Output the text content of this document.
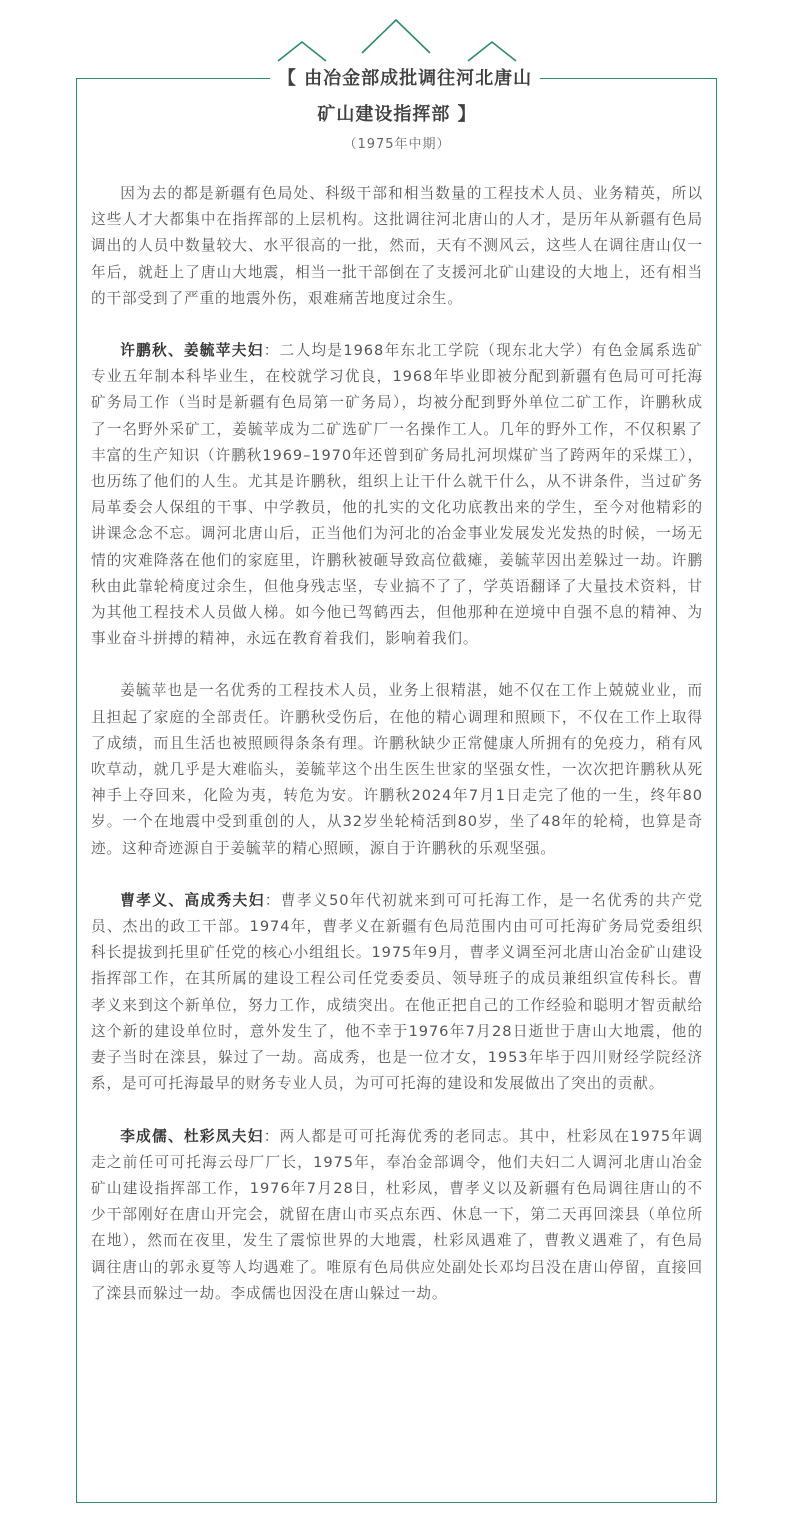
【 由冶金部成批调往河北唐山
矿山建设指挥部 】
（1975年中期）

因为去的都是新疆有色局处、科级干部和相当数量的工程技术人员、业务精英，所以这些人才大都集中在指挥部的上层机构。这批调往河北唐山的人才，是历年从新疆有色局调出的人员中数量较大、水平很高的一批，然而，天有不测风云，这些人在调往唐山仅一年后，就赶上了唐山大地震，相当一批干部倒在了支援河北矿山建设的大地上，还有相当的干部受到了严重的地震外伤，艰难痛苦地度过余生。

许鹏秋、姜毓苹夫妇：二人均是1968年东北工学院（现东北大学）有色金属系选矿专业五年制本科毕业生，在校就学习优良，1968年毕业即被分配到新疆有色局可可托海矿务局工作（当时是新疆有色局第一矿务局），均被分配到野外单位二矿工作，许鹏秋成了一名野外采矿工，姜毓苹成为二矿选矿厂一名操作工人。几年的野外工作，不仅积累了丰富的生产知识（许鹏秋1969–1970年还曾到矿务局扎河坝煤矿当了跨两年的采煤工），也历练了他们的人生。尤其是许鹏秋，组织上让干什么就干什么，从不讲条件，当过矿务局革委会人保组的干事、中学教员，他的扎实的文化功底教出来的学生，至今对他精彩的讲课念念不忘。调河北唐山后，正当他们为河北的冶金事业发展发光发热的时候，一场无情的灾难降落在他们的家庭里，许鹏秋被砸导致高位截瘫，姜毓苹因出差躲过一劫。许鹏秋由此靠轮椅度过余生，但他身残志坚，专业搞不了了，学英语翻译了大量技术资料，甘为其他工程技术人员做人梯。如今他已驾鹤西去，但他那种在逆境中自强不息的精神、为事业奋斗拼搏的精神，永远在教育着我们，影响着我们。

姜毓苹也是一名优秀的工程技术人员，业务上很精湛，她不仅在工作上兢兢业业，而且担起了家庭的全部责任。许鹏秋受伤后，在他的精心调理和照顾下，不仅在工作上取得了成绩，而且生活也被照顾得条条有理。许鹏秋缺少正常健康人所拥有的免疫力，稍有风吹草动，就几乎是大难临头，姜毓苹这个出生医生世家的坚强女性，一次次把许鹏秋从死神手上夺回来，化险为夷，转危为安。许鹏秋2024年7月1日走完了他的一生，终年80岁。一个在地震中受到重创的人，从32岁坐轮椅活到80岁，坐了48年的轮椅，也算是奇迹。这种奇迹源自于姜毓苹的精心照顾，源自于许鹏秋的乐观坚强。

曹孝义、高成秀夫妇：曹孝义50年代初就来到可可托海工作，是一名优秀的共产党员、杰出的政工干部。1974年，曹孝义在新疆有色局范围内由可可托海矿务局党委组织科长提拔到托里矿任党的核心小组组长。1975年9月，曹孝义调至河北唐山冶金矿山建设指挥部工作，在其所属的建设工程公司任党委委员、领导班子的成员兼组织宣传科长。曹孝义来到这个新单位，努力工作，成绩突出。在他正把自己的工作经验和聪明才智贡献给这个新的建设单位时，意外发生了，他不幸于1976年7月28日逝世于唐山大地震，他的妻子当时在滦县，躲过了一劫。高成秀，也是一位才女，1953年毕于四川财经学院经济系，是可可托海最早的财务专业人员，为可可托海的建设和发展做出了突出的贡献。

李成儒、杜彩凤夫妇：两人都是可可托海优秀的老同志。其中，杜彩凤在1975年调走之前任可可托海云母厂厂长，1975年，奉冶金部调令，他们夫妇二人调河北唐山冶金矿山建设指挥部工作，1976年7月28日，杜彩凤，曹孝义以及新疆有色局调往唐山的不少干部刚好在唐山开完会，就留在唐山市买点东西、休息一下，第二天再回滦县（单位所在地），然而在夜里，发生了震惊世界的大地震，杜彩凤遇难了，曹教义遇难了，有色局调往唐山的郭永夏等人均遇难了。唯原有色局供应处副处长邓均吕没在唐山停留，直接回了滦县而躲过一劫。李成儒也因没在唐山躲过一劫。
